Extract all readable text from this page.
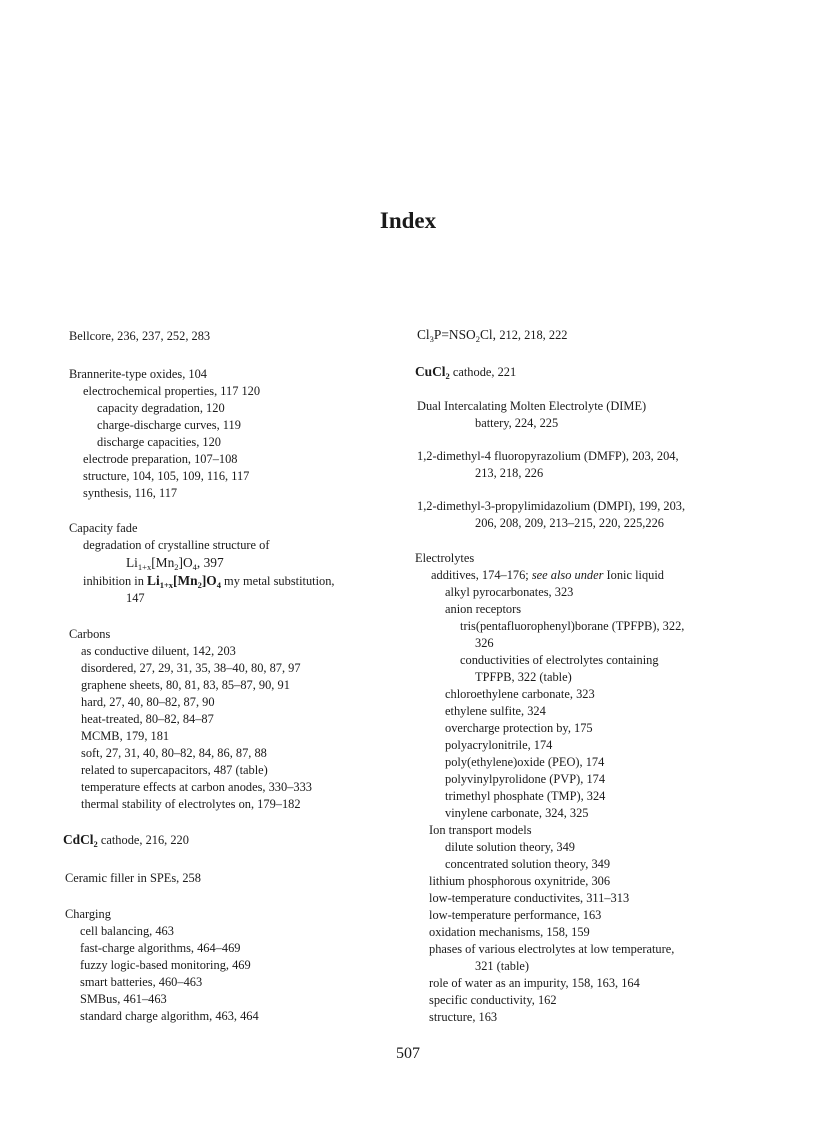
Index
Bellcore, 236, 237, 252, 283
Brannerite-type oxides, 104
electrochemical properties, 117 120
capacity degradation, 120
charge-discharge curves, 119
discharge capacities, 120
electrode preparation, 107–108
structure, 104, 105, 109, 116, 117
synthesis, 116, 117
Capacity fade
degradation of crystalline structure of
$Li_{1+x}[Mn_2]O_4$, 397
inhibition in $Li_{1+x}[Mn_2]O_4$ my metal substitution,
147
Carbons
as conductive diluent, 142, 203
disordered, 27, 29, 31, 35, 38–40, 80, 87, 97
graphene sheets, 80, 81, 83, 85–87, 90, 91
hard, 27, 40, 80–82, 87, 90
heat-treated, 80–82, 84–87
MCMB, 179, 181
soft, 27, 31, 40, 80–82, 84, 86, 87, 88
related to supercapacitors, 487 (table)
temperature effects at carbon anodes, 330–333
thermal stability of electrolytes on, 179–182
CdCl$_2$ cathode, 216, 220
Ceramic filler in SPEs, 258
Charging
cell balancing, 463
fast-charge algorithms, 464–469
fuzzy logic-based monitoring, 469
smart batteries, 460–463
SMBus, 461–463
standard charge algorithm, 463, 464
$Cl_3P=NSO_2Cl$, 212, 218, 222
CuCl$_2$ cathode, 221
Dual Intercalating Molten Electrolyte (DIME)
battery, 224, 225
1,2-dimethyl-4 fluoropyrazolium (DMFP), 203, 204,
213, 218, 226
1,2-dimethyl-3-propylimidazolium (DMPI), 199, 203,
206, 208, 209, 213–215, 220, 225,226
Electrolytes
additives, 174–176; see also under Ionic liquid
alkyl pyrocarbonates, 323
anion receptors
tris(pentafluorophenyl)borane (TPFPB), 322,
326
conductivities of electrolytes containing
TPFPB, 322 (table)
chloroethylene carbonate, 323
ethylene sulfite, 324
overcharge protection by, 175
polyacrylonitrile, 174
poly(ethylene)oxide (PEO), 174
polyvinylpyrolidone (PVP), 174
trimethyl phosphate (TMP), 324
vinylene carbonate, 324, 325
Ion transport models
dilute solution theory, 349
concentrated solution theory, 349
lithium phosphorous oxynitride, 306
low-temperature conductivites, 311–313
low-temperature performance, 163
oxidation mechanisms, 158, 159
phases of various electrolytes at low temperature,
321 (table)
role of water as an impurity, 158, 163, 164
specific conductivity, 162
structure, 163
507
